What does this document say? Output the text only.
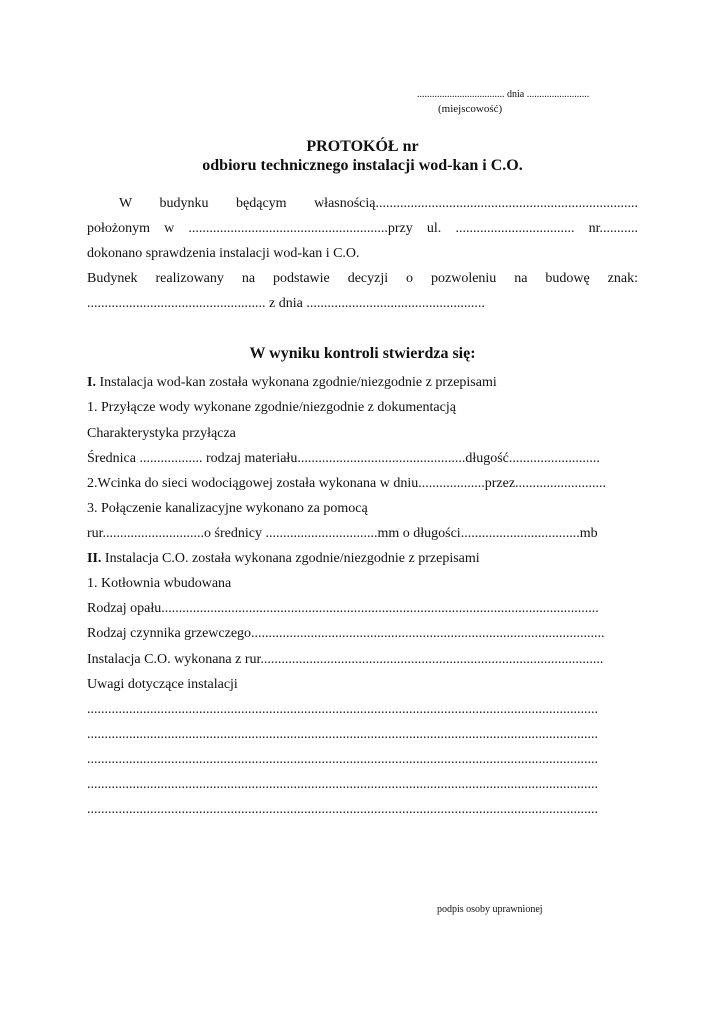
................................... dnia .........................
(miejscowość)
PROTOKÓŁ nr
odbioru technicznego instalacji wod-kan i C.O.
W budynku będącym własnością...........................................................................
położonym w .........................................................przy ul. .................................. nr...........
dokonano sprawdzenia instalacji wod-kan i C.O.
Budynek realizowany na podstawie decyzji o pozwoleniu na budowę znak:
................................................... z dnia ...................................................
W wyniku kontroli stwierdza się:
I. Instalacja wod-kan została wykonana zgodnie/niezgodnie z przepisami
1. Przyłącze wody wykonane zgodnie/niezgodnie z dokumentacją
Charakterystyka przyłącza
Średnica .................. rodzaj materiału................................................długość..........................
2.Wcinka do sieci wodociągowej została wykonana w dniu...................przez..........................
3. Połączenie kanalizacyjne wykonano za pomocą
rur.............................o średnicy ................................mm o długości..................................mb
II. Instalacja C.O. została wykonana zgodnie/niezgodnie z przepisami
1. Kotłownia wbudowana
Rodzaj opału.............................................................................................................................
Rodzaj czynnika grzewczego.....................................................................................................
Instalacja C.O. wykonana z rur..................................................................................................
Uwagi dotyczące instalacji
..................................................................................................................................................
..................................................................................................................................................
..................................................................................................................................................
..................................................................................................................................................
..................................................................................................................................................
podpis osoby uprawnionej
